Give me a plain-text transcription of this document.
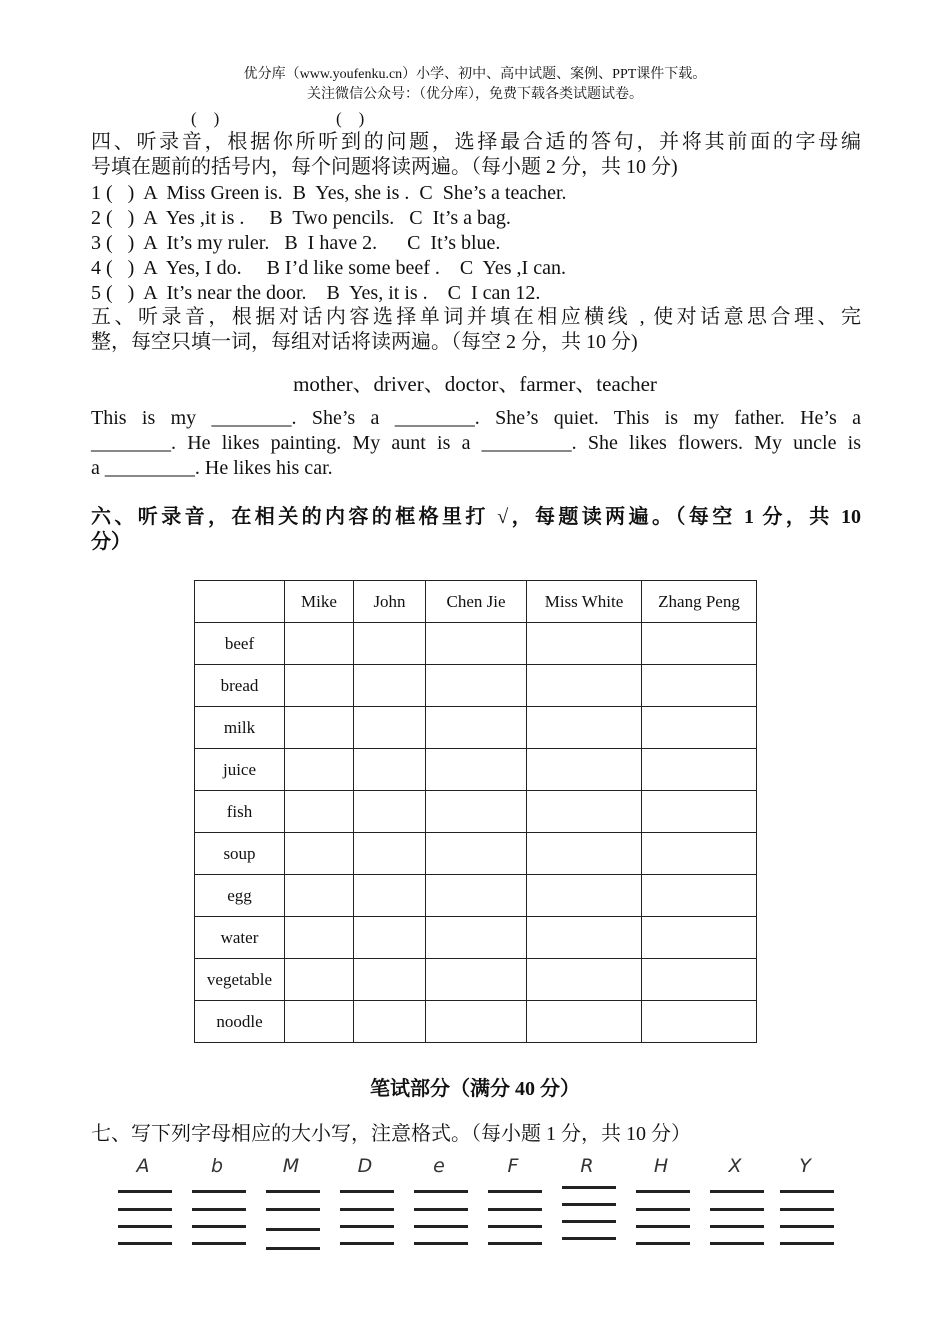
优分库（www.youfenku.cn）小学、初中、高中试题、案例、PPT课件下载。
关注微信公众号：（优分库），免费下载各类试题试卷。
(    )	(    )
四、听录音，根据你所听到的问题，选择最合适的答句，并将其前面的字母编
号填在题前的括号内，每个问题将读两遍。（每小题 2 分，共 10 分)
1 (   )  A  Miss Green is.  B  Yes, she is .  C  She’s a teacher.
2 (   )  A  Yes ,it is .     B  Two pencils.   C  It’s a bag.
3 (   )  A  It’s my ruler.   B  I have 2.      C  It’s blue.
4 (   )  A  Yes, I do.     B I’d like some beef .    C  Yes ,I can.
5 (   )  A  It’s near the door.    B  Yes, it is .    C  I can 12.
五、听录音，根据对话内容选择单词并填在相应横线 , 使对话意思合理、完
整，每空只填一词，每组对话将读两遍。（每空 2 分，共 10 分)
mother、driver、doctor、farmer、teacher
This  is  my  ________.  She’s  a  ________.  She’s  quiet.  This  is  my  father.  He’s  a
________. He likes painting. My aunt is a _________. She likes flowers. My uncle is
a _________. He likes his car.
六、听录音，在相关的内容的框格里打 √，每题读两遍。（每空 1 分，共 10
分）
	Mike	John	Chen Jie	Miss White	Zhang Peng
beef					
bread					
milk					
juice					
fish					
soup					
egg					
water					
vegetable					
noodle					
笔试部分（满分 40 分）
七、写下列字母相应的大小写，注意格式。（每小题 1 分，共 10 分）
A	b	M	D	e	F	R	H	X	Y
